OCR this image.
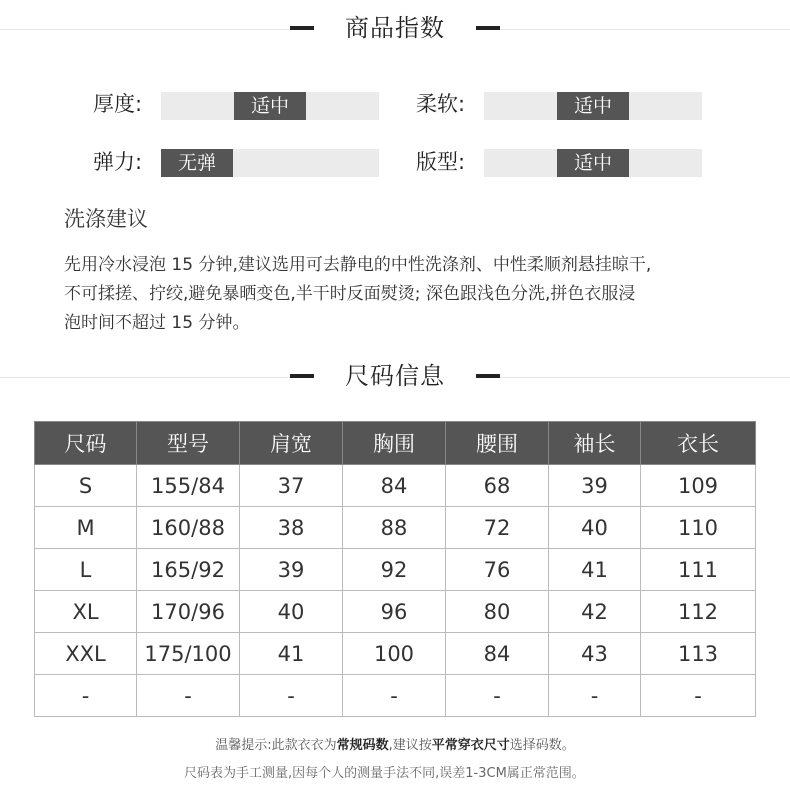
商品指数
厚度:	适中	柔软:	适中
弹力:	无弹	版型:	适中
洗涤建议
先用冷水浸泡 15 分钟,建议选用可去静电的中性洗涤剂、中性柔顺剂悬挂晾干,
不可揉搓、拧绞,避免暴晒变色,半干时反面熨烫; 深色跟浅色分洗,拼色衣服浸
泡时间不超过 15 分钟。
尺码信息
尺码	型号	肩宽	胸围	腰围	袖长	衣长
S	155/84	37	84	68	39	109
M	160/88	38	88	72	40	110
L	165/92	39	92	76	41	111
XL	170/96	40	96	80	42	112
XXL	175/100	41	100	84	43	113
-	-	-	-	-	-	-
温馨提示:此款衣衣为常规码数,建议按平常穿衣尺寸选择码数。
尺码表为手工测量,因每个人的测量手法不同,误差1-3CM属正常范围。
